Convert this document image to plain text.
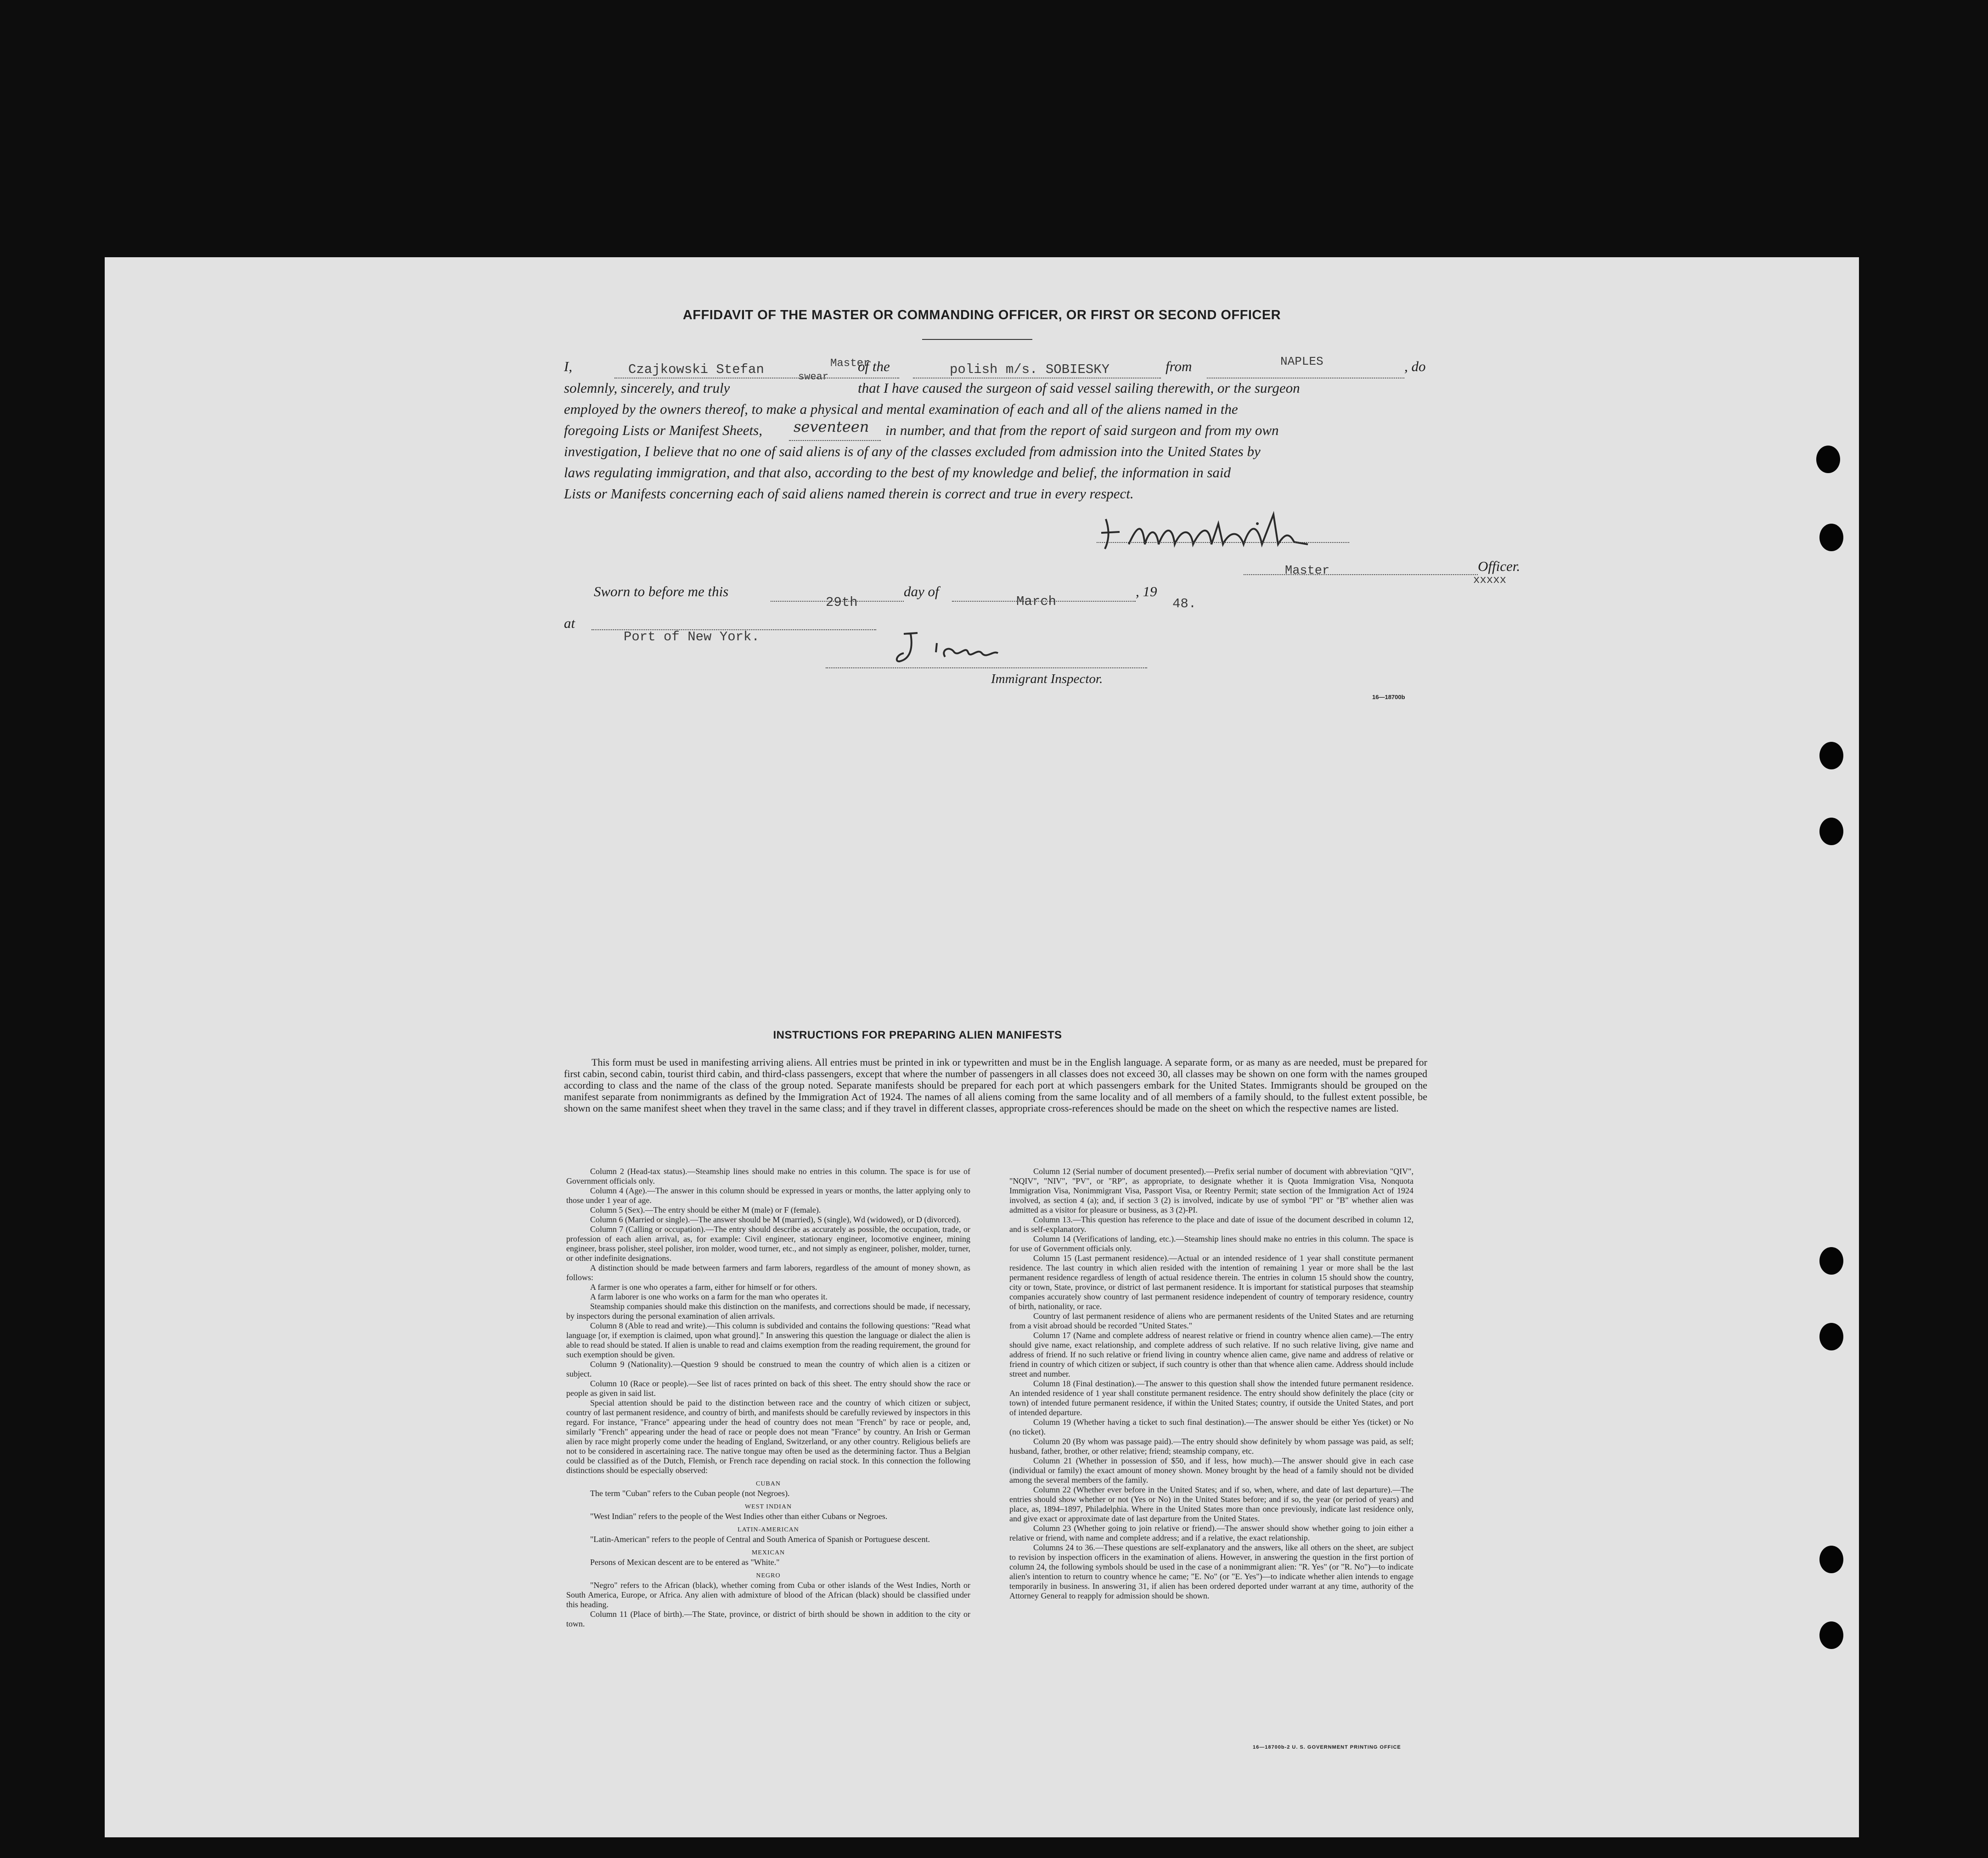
AFFIDAVIT OF THE MASTER OR COMMANDING OFFICER, OR FIRST OR SECOND OFFICER
I,	Czajkowski Stefan	Master
of the	polish m/s. SOBIESKY	from	NAPLES	, do
solemnly, sincerely, and truly
swear
that I have caused the surgeon of said vessel sailing therewith, or the surgeon
employed by the owners thereof, to make a physical and mental examination of each and all of the aliens named in the
foregoing Lists or Manifest Sheets, seventeen in number, and that from the report of said surgeon and from my own
investigation, I believe that no one of said aliens is of any of the classes excluded from admission into the United States by
laws regulating immigration, and that also, according to the best of my knowledge and belief, the information in said
Lists or Manifests concerning each of said aliens named therein is correct and true in every respect.
Master	Officer.
xxxxx
Sworn to before me this
29th
day of
March
, 19
48.
at
Port of New York.
Immigrant Inspector.
16—18700b
INSTRUCTIONS FOR PREPARING ALIEN MANIFESTS
This form must be used in manifesting arriving aliens. All entries must be printed in ink or typewritten and must be in the English language. A separate form, or as many as are needed, must be prepared for first cabin, second cabin, tourist third cabin, and third-class passengers, except that where the number of passengers in all classes does not exceed 30, all classes may be shown on one form with the names grouped according to class and the name of the class of the group noted. Separate manifests should be prepared for each port at which passengers embark for the United States. Immigrants should be grouped on the manifest separate from nonimmigrants as defined by the Immigration Act of 1924. The names of all aliens coming from the same locality and of all members of a family should, to the fullest extent possible, be shown on the same manifest sheet when they travel in the same class; and if they travel in different classes, appropriate cross-references should be made on the sheet on which the respective names are listed.

Column 2 (Head-tax status).—Steamship lines should make no entries in this column. The space is for use of Government officials only.

Column 4 (Age).—The answer in this column should be expressed in years or months, the latter applying only to those under 1 year of age.

Column 5 (Sex).—The entry should be either M (male) or F (female).

Column 6 (Married or single).—The answer should be M (married), S (single), Wd (widowed), or D (divorced).

Column 7 (Calling or occupation).—The entry should describe as accurately as possible, the occupation, trade, or profession of each alien arrival, as, for example: Civil engineer, stationary engineer, locomotive engineer, mining engineer, brass polisher, steel polisher, iron molder, wood turner, etc., and not simply as engineer, polisher, molder, turner, or other indefinite designations.

A distinction should be made between farmers and farm laborers, regardless of the amount of money shown, as follows:

A farmer is one who operates a farm, either for himself or for others.

A farm laborer is one who works on a farm for the man who operates it.

Steamship companies should make this distinction on the manifests, and corrections should be made, if necessary, by inspectors during the personal examination of alien arrivals.

Column 8 (Able to read and write).—This column is subdivided and contains the following questions: "Read what language [or, if exemption is claimed, upon what ground]." In answering this question the language or dialect the alien is able to read should be stated. If alien is unable to read and claims exemption from the reading requirement, the ground for such exemption should be given.

Column 9 (Nationality).—Question 9 should be construed to mean the country of which alien is a citizen or subject.

Column 10 (Race or people).—See list of races printed on back of this sheet. The entry should show the race or people as given in said list.

Special attention should be paid to the distinction between race and the country of which citizen or subject, country of last permanent residence, and country of birth, and manifests should be carefully reviewed by inspectors in this regard. For instance, "France" appearing under the head of country does not mean "French" by race or people, and, similarly "French" appearing under the head of race or people does not mean "France" by country. An Irish or German alien by race might properly come under the heading of England, Switzerland, or any other country. Religious beliefs are not to be considered in ascertaining race. The native tongue may often be used as the determining factor. Thus a Belgian could be classified as of the Dutch, Flemish, or French race depending on racial stock. In this connection the following distinctions should be especially observed:

CUBAN

The term "Cuban" refers to the Cuban people (not Negroes).

WEST INDIAN

"West Indian" refers to the people of the West Indies other than either Cubans or Negroes.

LATIN-AMERICAN

"Latin-American" refers to the people of Central and South America of Spanish or Portuguese descent.

MEXICAN

Persons of Mexican descent are to be entered as "White."

NEGRO

"Negro" refers to the African (black), whether coming from Cuba or other islands of the West Indies, North or South America, Europe, or Africa. Any alien with admixture of blood of the African (black) should be classified under this heading.

Column 11 (Place of birth).—The State, province, or district of birth should be shown in addition to the city or town.

Column 12 (Serial number of document presented).—Prefix serial number of document with abbreviation "QIV", "NQIV", "NIV", "PV", or "RP", as appropriate, to designate whether it is Quota Immigration Visa, Nonquota Immigration Visa, Nonimmigrant Visa, Passport Visa, or Reentry Permit; state section of the Immigration Act of 1924 involved, as section 4 (a); and, if section 3 (2) is involved, indicate by use of symbol "PI" or "B" whether alien was admitted as a visitor for pleasure or business, as 3 (2)-PI.

Column 13.—This question has reference to the place and date of issue of the document described in column 12, and is self-explanatory.

Column 14 (Verifications of landing, etc.).—Steamship lines should make no entries in this column. The space is for use of Government officials only.

Column 15 (Last permanent residence).—Actual or an intended residence of 1 year shall constitute permanent residence. The last country in which alien resided with the intention of remaining 1 year or more shall be the last permanent residence regardless of length of actual residence therein. The entries in column 15 should show the country, city or town, State, province, or district of last permanent residence. It is important for statistical purposes that steamship companies accurately show country of last permanent residence independent of country of temporary residence, country of birth, nationality, or race.

Country of last permanent residence of aliens who are permanent residents of the United States and are returning from a visit abroad should be recorded "United States."

Column 17 (Name and complete address of nearest relative or friend in country whence alien came).—The entry should give name, exact relationship, and complete address of such relative. If no such relative living, give name and address of friend. If no such relative or friend living in country whence alien came, give name and address of relative or friend in country of which citizen or subject, if such country is other than that whence alien came. Address should include street and number.

Column 18 (Final destination).—The answer to this question shall show the intended future permanent residence. An intended residence of 1 year shall constitute permanent residence. The entry should show definitely the place (city or town) of intended future permanent residence, if within the United States; country, if outside the United States, and port of intended departure.

Column 19 (Whether having a ticket to such final destination).—The answer should be either Yes (ticket) or No (no ticket).

Column 20 (By whom was passage paid).—The entry should show definitely by whom passage was paid, as self; husband, father, brother, or other relative; friend; steamship company, etc.

Column 21 (Whether in possession of $50, and if less, how much).—The answer should give in each case (individual or family) the exact amount of money shown. Money brought by the head of a family should not be divided among the several members of the family.

Column 22 (Whether ever before in the United States; and if so, when, where, and date of last departure).—The entries should show whether or not (Yes or No) in the United States before; and if so, the year (or period of years) and place, as, 1894–1897, Philadelphia. Where in the United States more than once previously, indicate last residence only, and give exact or approximate date of last departure from the United States.

Column 23 (Whether going to join relative or friend).—The answer should show whether going to join either a relative or friend, with name and complete address; and if a relative, the exact relationship.

Columns 24 to 36.—These questions are self-explanatory and the answers, like all others on the sheet, are subject to revision by inspection officers in the examination of aliens. However, in answering the question in the first portion of column 24, the following symbols should be used in the case of a nonimmigrant alien: "R. Yes" (or "R. No")—to indicate alien's intention to return to country whence he came; "E. No" (or "E. Yes")—to indicate whether alien intends to engage temporarily in business. In answering 31, if alien has been ordered deported under warrant at any time, authority of the Attorney General to reapply for admission should be shown.

16—18700b-2 U. S. GOVERNMENT PRINTING OFFICE
